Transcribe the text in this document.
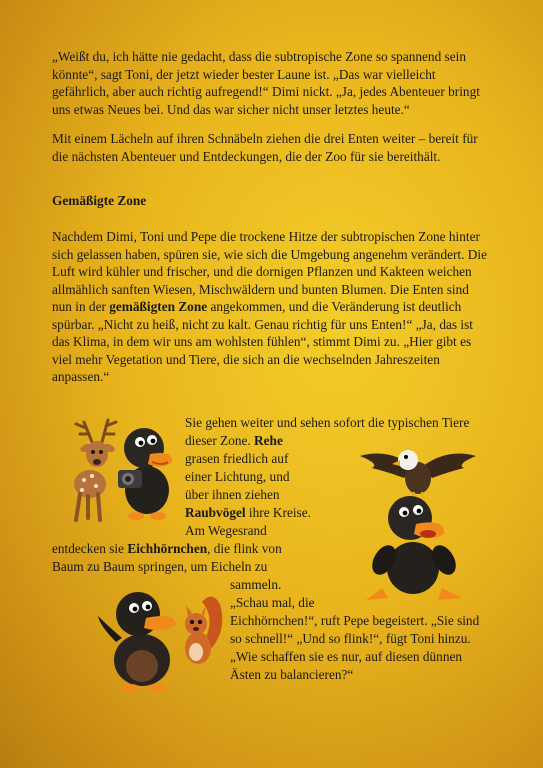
„Weißt du, ich hätte nie gedacht, dass die subtropische Zone so spannend sein könnte“, sagt Toni, der jetzt wieder bester Laune ist. „Das war vielleicht gefährlich, aber auch richtig aufregend!“ Dimi nickt. „Ja, jedes Abenteuer bringt uns etwas Neues bei. Und das war sicher nicht unser letztes heute.“

Mit einem Lächeln auf ihren Schnäbeln ziehen die drei Enten weiter – bereit für die nächsten Abenteuer und Entdeckungen, die der Zoo für sie bereithält.

Gemäßigte Zone

Nachdem Dimi, Toni und Pepe die trockene Hitze der subtropischen Zone hinter sich gelassen haben, spüren sie, wie sich die Umgebung angenehm verändert. Die Luft wird kühler und frischer, und die dornigen Pflanzen und Kakteen weichen allmählich sanften Wiesen, Mischwäldern und bunten Blumen. Die Enten sind nun in der gemäßigten Zone angekommen, und die Veränderung ist deutlich spürbar. „Nicht zu heiß, nicht zu kalt. Genau richtig für uns Enten!“ „Ja, das ist das Klima, in dem wir uns am wohlsten fühlen“, stimmt Dimi zu. „Hier gibt es viel mehr Vegetation und Tiere, die sich an die wechselnden Jahreszeiten anpassen.“

Sie gehen weiter und sehen sofort die typischen Tiere
dieser Zone. Rehe
grasen friedlich auf
einer Lichtung, und
über ihnen ziehen
Raubvögel ihre Kreise.
Am Wegesrand
entdecken sie Eichhörnchen, die flink von
Baum zu Baum springen, um Eicheln zu
sammeln.
„Schau mal, die
Eichhörnchen!“, ruft Pepe begeistert. „Sie sind
so schnell!“ „Und so flink!“, fügt Toni hinzu.
„Wie schaffen sie es nur, auf diesen dünnen
Ästen zu balancieren?“
